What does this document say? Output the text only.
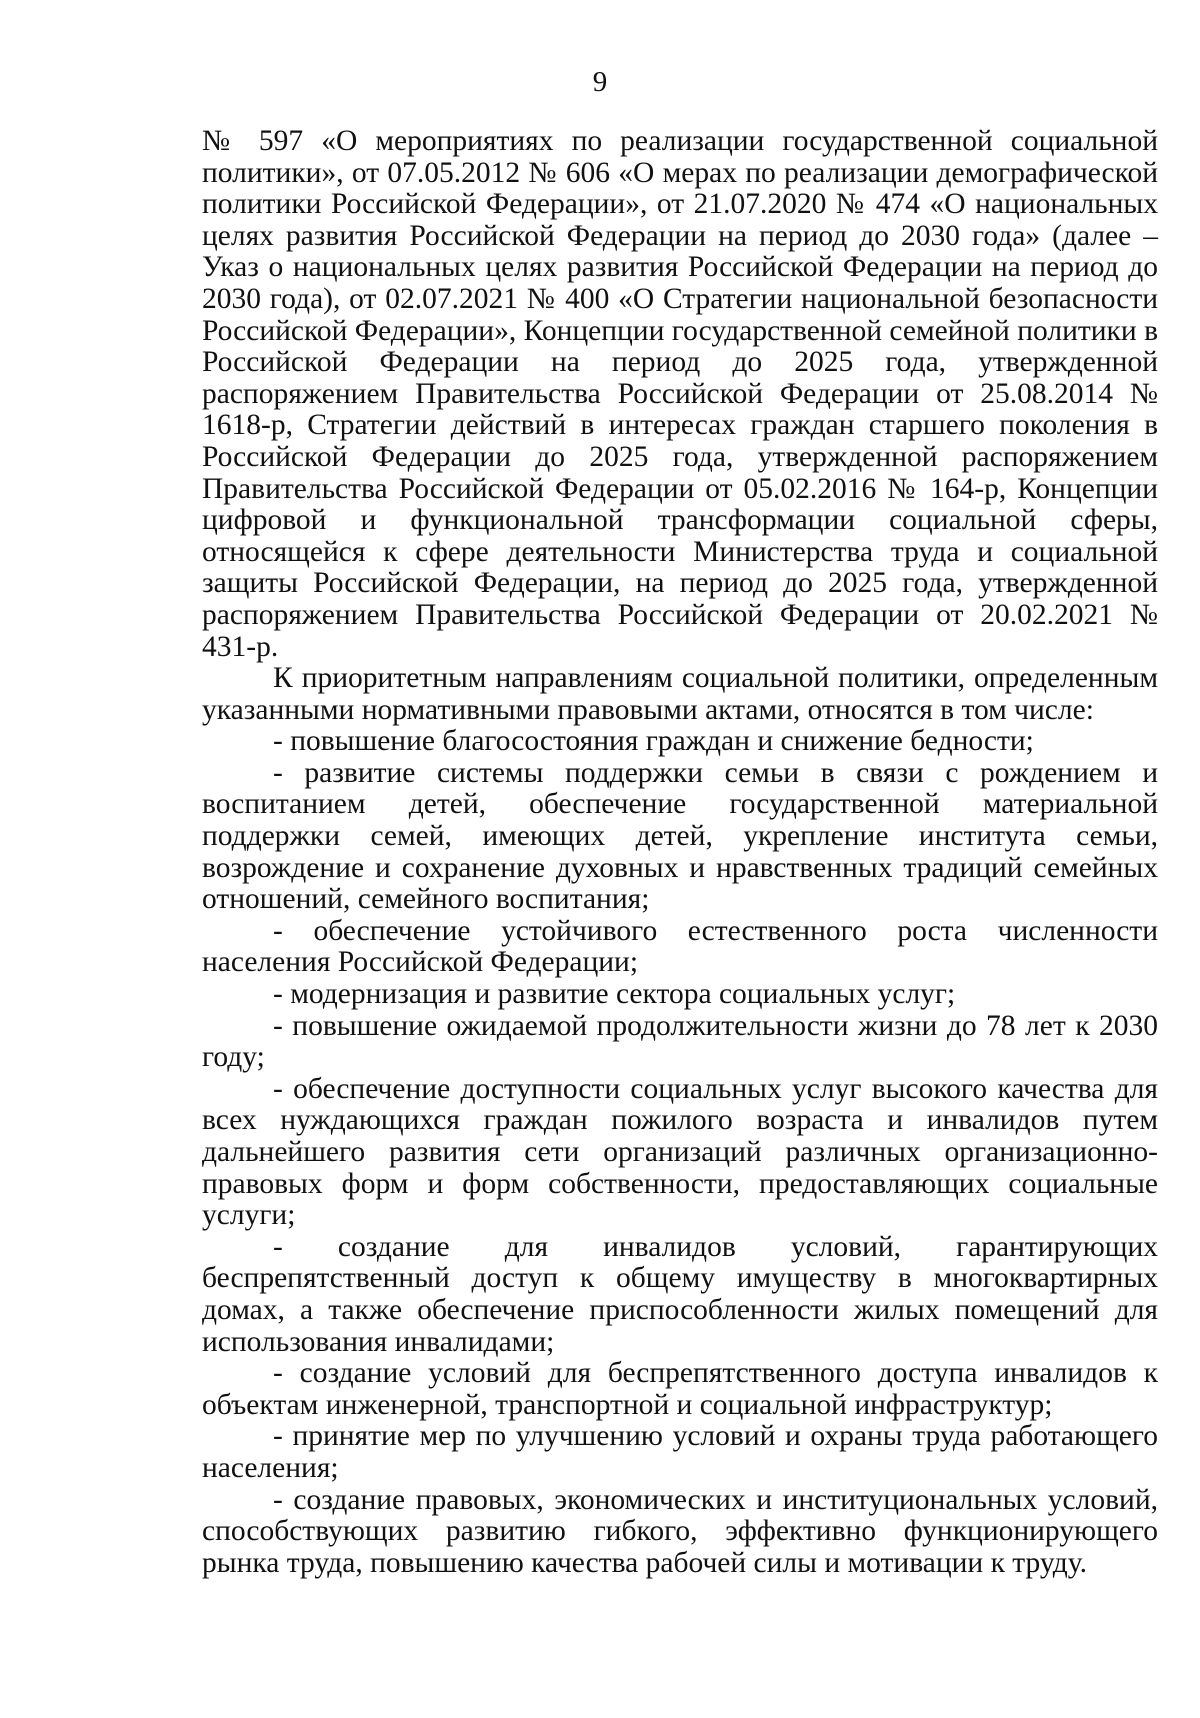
9

№ 597 «О мероприятиях по реализации государственной социальной политики», от 07.05.2012 № 606 «О мерах по реализации демографической политики Российской Федерации», от 21.07.2020 № 474 «О национальных целях развития Российской Федерации на период до 2030 года» (далее – Указ о национальных целях развития Российской Федерации на период до 2030 года), от 02.07.2021 № 400 «О Стратегии национальной безопасности Российской Федерации», Концепции государственной семейной политики в Российской Федерации на период до 2025 года, утвержденной распоряжением Правительства Российской Федерации от 25.08.2014 № 1618-р, Стратегии действий в интересах граждан старшего поколения в Российской Федерации до 2025 года, утвержденной распоряжением Правительства Российской Федерации от 05.02.2016 № 164-р, Концепции цифровой и функциональной трансформации социальной сферы, относящейся к сфере деятельности Министерства труда и социальной защиты Российской Федерации, на период до 2025 года, утвержденной распоряжением Правительства Российской Федерации от 20.02.2021 № 431-р.

К приоритетным направлениям социальной политики, определенным указанными нормативными правовыми актами, относятся в том числе:

- повышение благосостояния граждан и снижение бедности;

- развитие системы поддержки семьи в связи с рождением и воспитанием детей, обеспечение государственной материальной поддержки семей, имеющих детей, укрепление института семьи, возрождение и сохранение духовных и нравственных традиций семейных отношений, семейного воспитания;

- обеспечение устойчивого естественного роста численности населения Российской Федерации;

- модернизация и развитие сектора социальных услуг;

- повышение ожидаемой продолжительности жизни до 78 лет к 2030 году;

- обеспечение доступности социальных услуг высокого качества для всех нуждающихся граждан пожилого возраста и инвалидов путем дальнейшего развития сети организаций различных организационно-правовых форм и форм собственности, предоставляющих социальные услуги;

- создание для инвалидов условий, гарантирующих беспрепятственный доступ к общему имуществу в многоквартирных домах, а также обеспечение приспособленности жилых помещений для использования инвалидами;

- создание условий для беспрепятственного доступа инвалидов к объектам инженерной, транспортной и социальной инфраструктур;

- принятие мер по улучшению условий и охраны труда работающего населения;

- создание правовых, экономических и институциональных условий, способствующих развитию гибкого, эффективно функционирующего рынка труда, повышению качества рабочей силы и мотивации к труду.
